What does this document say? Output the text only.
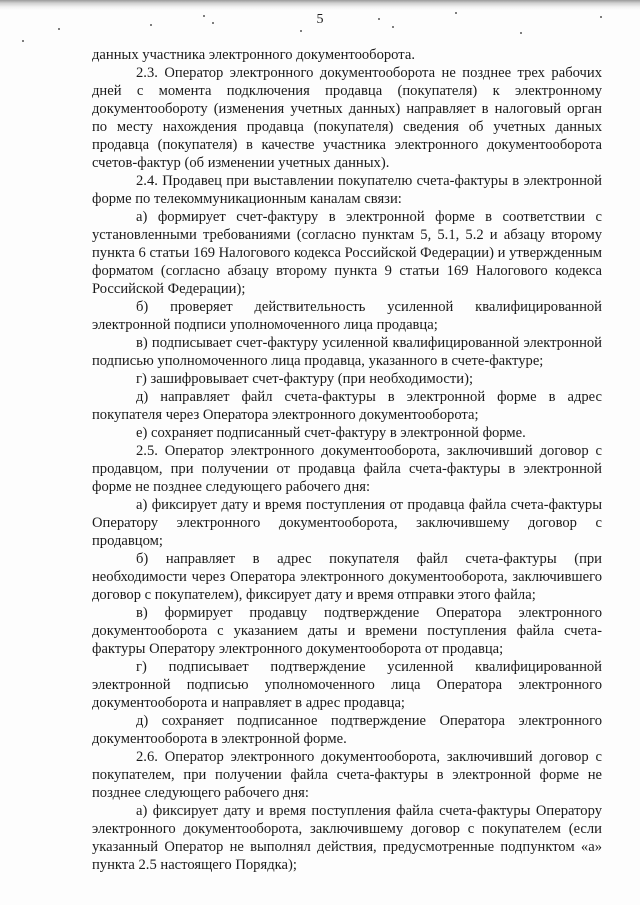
5

данных участника электронного документооборота.

2.3. Оператор электронного документооборота не позднее трех рабочих дней с момента подключения продавца (покупателя) к электронному документообороту (изменения учетных данных) направляет в налоговый орган по месту нахождения продавца (покупателя) сведения об учетных данных продавца (покупателя) в качестве участника электронного документооборота счетов-фактур (об изменении учетных данных).

2.4. Продавец при выставлении покупателю счета-фактуры в электронной форме по телекоммуникационным каналам связи:

а) формирует счет-фактуру в электронной форме в соответствии с установленными требованиями (согласно пунктам 5, 5.1, 5.2 и абзацу второму пункта 6 статьи 169 Налогового кодекса Российской Федерации) и утвержденным форматом (согласно абзацу второму пункта 9 статьи 169 Налогового кодекса Российской Федерации);

б) проверяет действительность усиленной квалифицированной электронной подписи уполномоченного лица продавца;

в) подписывает счет-фактуру усиленной квалифицированной электронной подписью уполномоченного лица продавца, указанного в счете-фактуре;

г) зашифровывает счет-фактуру (при необходимости);

д) направляет файл счета-фактуры в электронной форме в адрес покупателя через Оператора электронного документооборота;

е) сохраняет подписанный счет-фактуру в электронной форме.

2.5. Оператор электронного документооборота, заключивший договор с продавцом, при получении от продавца файла счета-фактуры в электронной форме не позднее следующего рабочего дня:

а) фиксирует дату и время поступления от продавца файла счета-фактуры Оператору электронного документооборота, заключившему договор с продавцом;

б) направляет в адрес покупателя файл счета-фактуры (при необходимости через Оператора электронного документооборота, заключившего договор с покупателем), фиксирует дату и время отправки этого файла;

в) формирует продавцу подтверждение Оператора электронного документооборота с указанием даты и времени поступления файла счета-фактуры Оператору электронного документооборота от продавца;

г) подписывает подтверждение усиленной квалифицированной электронной подписью уполномоченного лица Оператора электронного документооборота и направляет в адрес продавца;

д) сохраняет подписанное подтверждение Оператора электронного документооборота в электронной форме.

2.6. Оператор электронного документооборота, заключивший договор с покупателем, при получении файла счета-фактуры в электронной форме не позднее следующего рабочего дня:

а) фиксирует дату и время поступления файла счета-фактуры Оператору электронного документооборота, заключившему договор с покупателем (если указанный Оператор не выполнял действия, предусмотренные подпунктом «а» пункта 2.5 настоящего Порядка);
